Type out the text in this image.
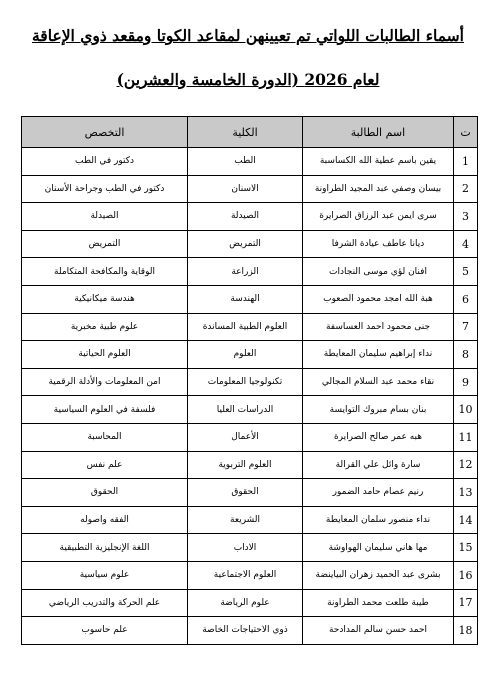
أسماء الطالبات اللواتي تم تعيينهن لمقاعد الكوتا ومقعد ذوي الإعاقة
لعام 2026 (الدورة الخامسة والعشرين)
ت	اسم الطالبة	الكلية	التخصص
1	يقين باسم عطية الله الكساسبة	الطب	دكتور في الطب
2	بيسان وصفي عبد المجيد الطراونة	الاسنان	دكتور في الطب وجراحة الأسنان
3	سرى ايمن عبد الرزاق الصرايرة	الصيدلة	الصيدلة
4	ديانا عاطف عيادة الشرفا	التمريض	التمريض
5	افنان لؤي موسى النجادات	الزراعة	الوقاية والمكافحة المتكاملة
6	هبة الله امجد محمود الصعوب	الهندسة	هندسة ميكانيكية
7	جنى محمود احمد العساسفة	العلوم الطبية المساندة	علوم طبية مخبرية
8	نداء إبراهيم سليمان المعايطة	العلوم	العلوم الحياتية
9	نقاء محمد عبد السلام المجالي	تكنولوجيا المعلومات	امن المعلومات والأدلة الرقمية
10	بنان بسام مبروك التوايسة	الدراسات العليا	فلسفة في العلوم السياسية
11	هبه عمر صالح الصرايرة	الأعمال	المحاسبة
12	سارة وائل علي القرالة	العلوم التربوية	علم نفس
13	رنيم عصام حامد الضمور	الحقوق	الحقوق
14	نداء منصور سلمان المعايطة	الشريعة	الفقه واصوله
15	مها هاني سليمان الهواوشة	الاداب	اللغة الإنجليزية التطبيقية
16	بشرى عبد الحميد زهران البياينضة	العلوم الاجتماعية	علوم سياسية
17	طيبة طلعت محمد الطراونة	علوم الرياضة	علم الحركة والتدريب الرياضي
18	احمد حسن سالم المدادحة	ذوي الاحتياجات الخاصة	علم حاسوب
